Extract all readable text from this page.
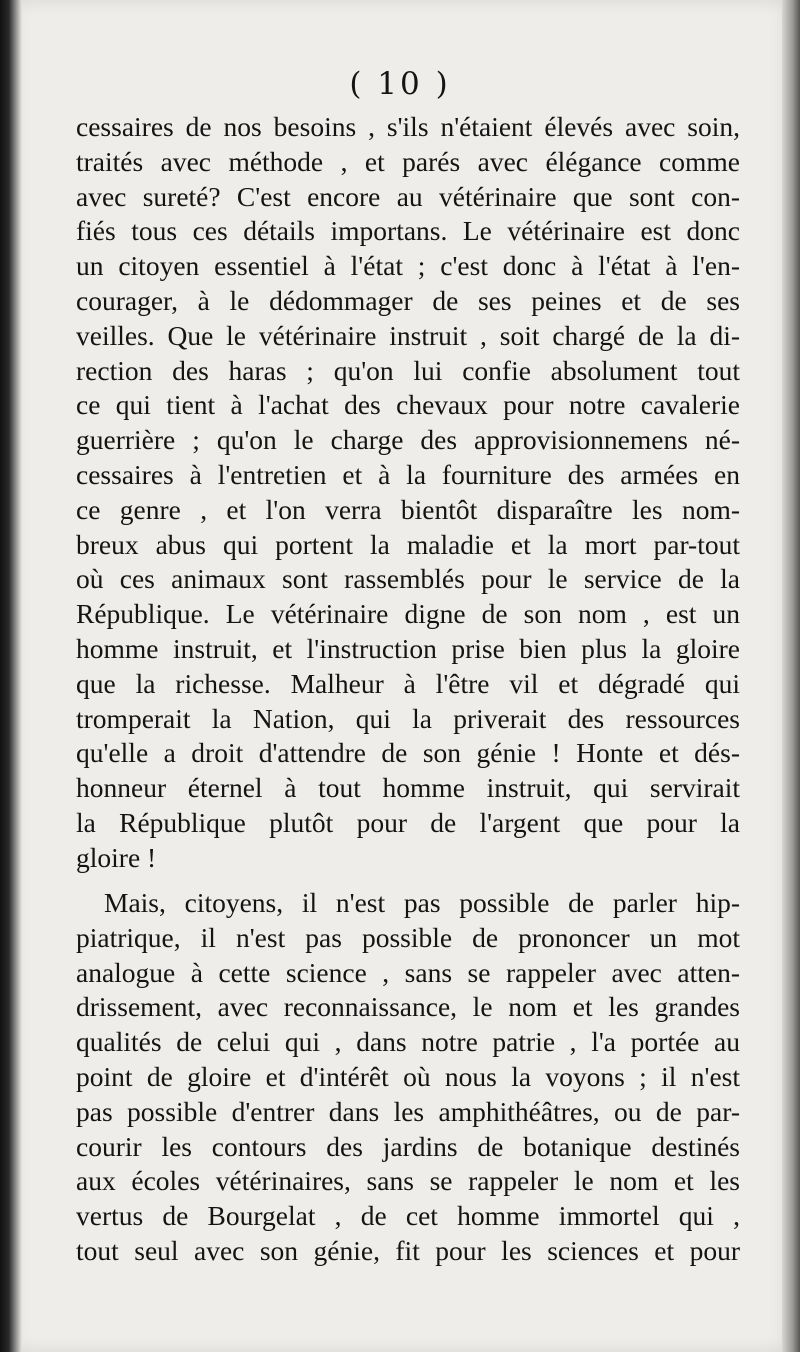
( 10 )
cessaires de nos besoins , s'ils n'étaient élevés avec soin,
traités avec méthode , et parés avec élégance comme
avec sureté? C'est encore au vétérinaire que sont con-
fiés tous ces détails importans. Le vétérinaire est donc
un citoyen essentiel à l'état ; c'est donc à l'état à l'en-
courager, à le dédommager de ses peines et de ses
veilles. Que le vétérinaire instruit , soit chargé de la di-
rection des haras ; qu'on lui confie absolument tout
ce qui tient à l'achat des chevaux pour notre cavalerie
guerrière ; qu'on le charge des approvisionnemens né-
cessaires à l'entretien et à la fourniture des armées en
ce genre , et l'on verra bientôt disparaître les nom-
breux abus qui portent la maladie et la mort par-tout
où ces animaux sont rassemblés pour le service de la
République. Le vétérinaire digne de son nom , est un
homme instruit, et l'instruction prise bien plus la gloire
que la richesse. Malheur à l'être vil et dégradé qui
tromperait la Nation, qui la priverait des ressources
qu'elle a droit d'attendre de son génie ! Honte et dés-
honneur éternel à tout homme instruit, qui servirait
la République plutôt pour de l'argent que pour la
gloire !
Mais, citoyens, il n'est pas possible de parler hip-
piatrique, il n'est pas possible de prononcer un mot
analogue à cette science , sans se rappeler avec atten-
drissement, avec reconnaissance, le nom et les grandes
qualités de celui qui , dans notre patrie , l'a portée au
point de gloire et d'intérêt où nous la voyons ; il n'est
pas possible d'entrer dans les amphithéâtres, ou de par-
courir les contours des jardins de botanique destinés
aux écoles vétérinaires, sans se rappeler le nom et les
vertus de Bourgelat , de cet homme immortel qui ,
tout seul avec son génie, fit pour les sciences et pour
